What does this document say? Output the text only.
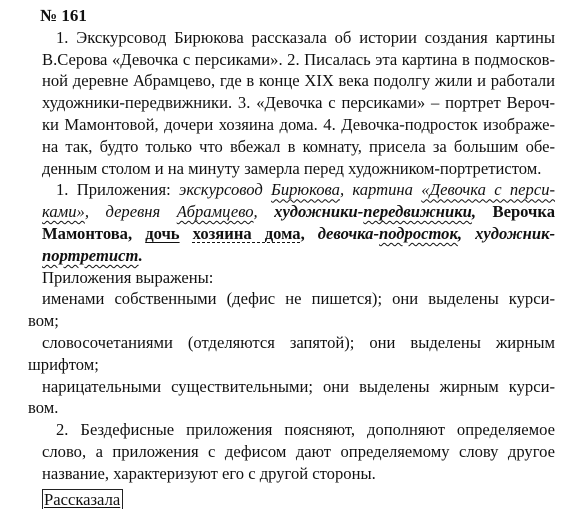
№ 161
1. Экскурсовод Бирюкова рассказала об истории создания картины
В.Серова «Девочка с персиками». 2. Писалась эта картина в подмосков-
ной деревне Абрамцево, где в конце XIX века подолгу жили и работали
художники-передвижники. 3. «Девочка с персиками» – портрет Вероч-
ки Мамонтовой, дочери хозяина дома. 4. Девочка-подросток изображе-
на так, будто только что вбежал в комнату, присела за большим обе-
денным столом и на минуту замерла перед художником-портретистом.
1. Приложения: экскурсовод Бирюкова, картина «Девочка с перси-
ками», деревня Абрамцево, художники-передвижники, Верочка
Мамонтова, дочь хозяина дома, девочка-подросток, художник-
портретист.
Приложения выражены:
именами собственными (дефис не пишется); они выделены курси-
вом;
словосочетаниями (отделяются запятой); они выделены жирным
шрифтом;
нарицательными существительными; они выделены жирным курси-
вом.
2. Бездефисные приложения поясняют, дополняют определяемое
слово, а приложения с дефисом дают определяемому слову другое
название, характеризуют его с другой стороны.
Рассказала
